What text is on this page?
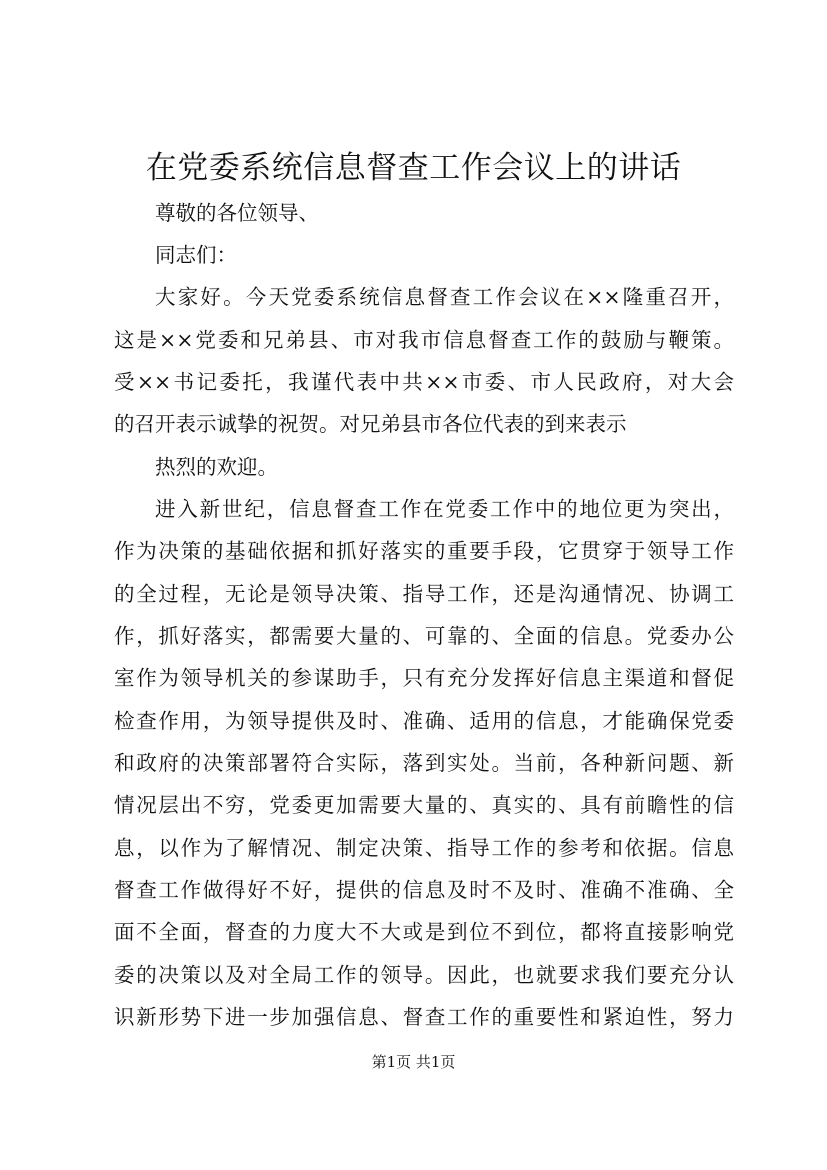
在党委系统信息督查工作会议上的讲话

尊敬的各位领导、

同志们：

大家好。今天党委系统信息督查工作会议在××隆重召开，

这是××党委和兄弟县、市对我市信息督查工作的鼓励与鞭策。

受××书记委托，我谨代表中共××市委、市人民政府，对大会

的召开表示诚挚的祝贺。对兄弟县市各位代表的到来表示

热烈的欢迎。

进入新世纪，信息督查工作在党委工作中的地位更为突出，

作为决策的基础依据和抓好落实的重要手段，它贯穿于领导工作

的全过程，无论是领导决策、指导工作，还是沟通情况、协调工

作，抓好落实，都需要大量的、可靠的、全面的信息。党委办公

室作为领导机关的参谋助手，只有充分发挥好信息主渠道和督促

检查作用，为领导提供及时、准确、适用的信息，才能确保党委

和政府的决策部署符合实际，落到实处。当前，各种新问题、新

情况层出不穷，党委更加需要大量的、真实的、具有前瞻性的信

息，以作为了解情况、制定决策、指导工作的参考和依据。信息

督查工作做得好不好，提供的信息及时不及时、准确不准确、全

面不全面，督查的力度大不大或是到位不到位，都将直接影响党

委的决策以及对全局工作的领导。因此，也就要求我们要充分认

识新形势下进一步加强信息、督查工作的重要性和紧迫性，努力

第1页 共1页
